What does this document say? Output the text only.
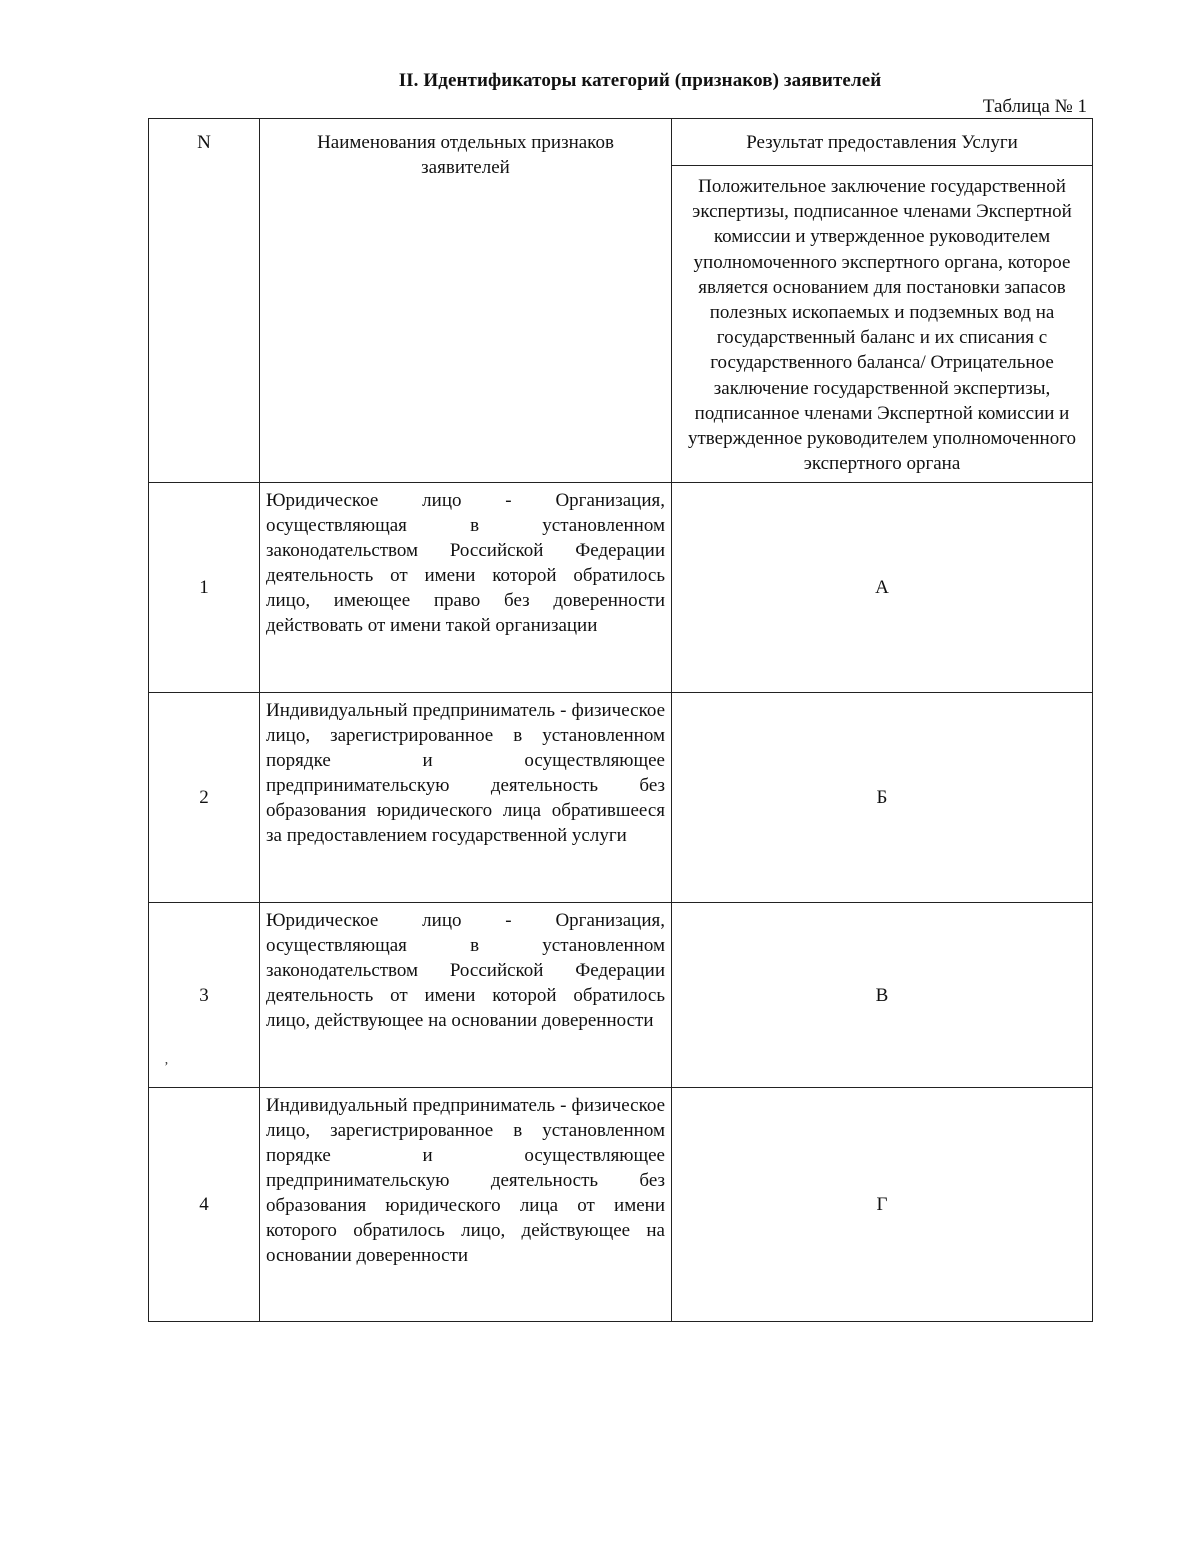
II. Идентификаторы категорий (признаков) заявителей
Таблица № 1
N	Наименования отдельных признаков заявителей	Результат предоставления Услуги
		Положительное заключение государственной экспертизы, подписанное членами Экспертной комиссии и утвержденное руководителем уполномоченного экспертного органа, которое является основанием для постановки запасов полезных ископаемых и подземных вод на государственный баланс и их списания с государственного баланса/ Отрицательное заключение государственной экспертизы, подписанное членами Экспертной комиссии и утвержденное руководителем уполномоченного экспертного органа
1	Юридическое лицо - Организация, осуществляющая в установленном законодательством Российской Федерации деятельность от имени которой обратилось лицо, имеющее право без доверенности действовать от имени такой организации	А
2	Индивидуальный предприниматель - физическое лицо, зарегистрированное в установленном порядке и осуществляющее предпринимательскую деятельность без образования юридического лица обратившееся за предоставлением государственной услуги	Б
3	Юридическое лицо - Организация, осуществляющая в установленном законодательством Российской Федерации деятельность от имени которой обратилось лицо, действующее на основании доверенности	В
4	Индивидуальный предприниматель - физическое лицо, зарегистрированное в установленном порядке и осуществляющее предпринимательскую деятельность без образования юридического лица от имени которого обратилось лицо, действующее на основании доверенности	Г
ʼ
